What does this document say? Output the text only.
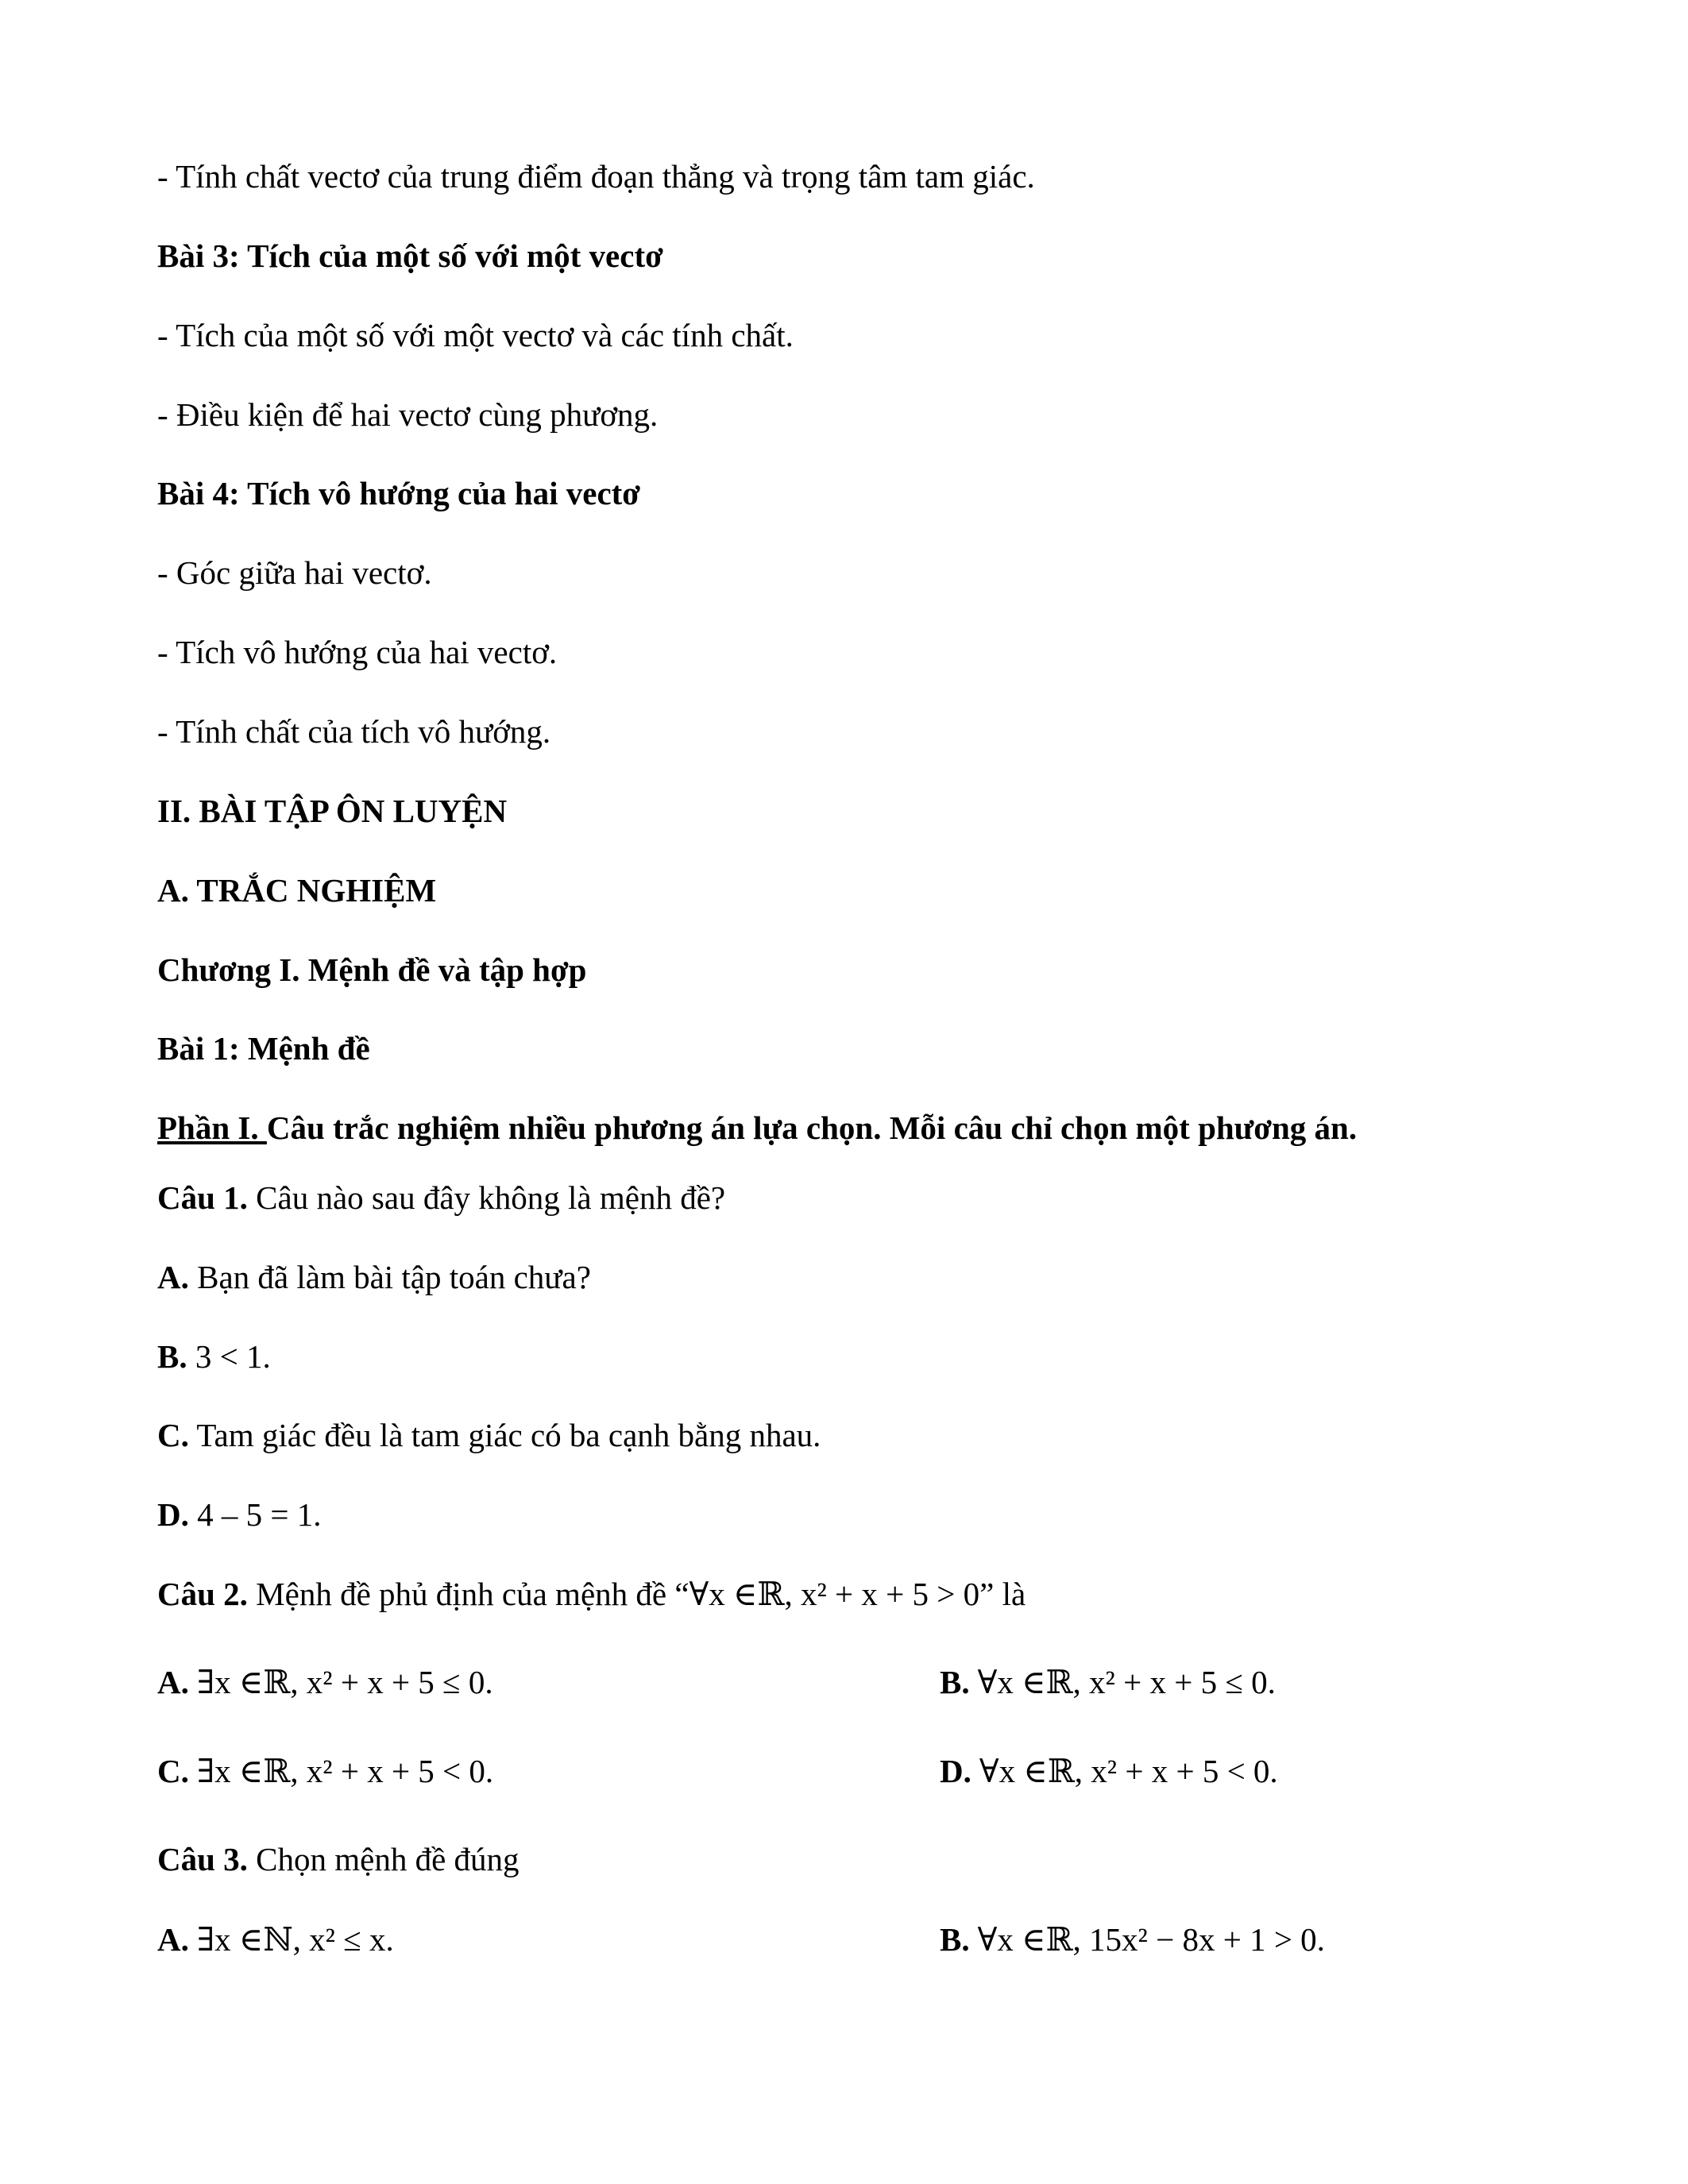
- Tính chất vectơ của trung điểm đoạn thẳng và trọng tâm tam giác.
Bài 3: Tích của một số với một vectơ
- Tích của một số với một vectơ và các tính chất.
- Điều kiện để hai vectơ cùng phương.
Bài 4: Tích vô hướng của hai vectơ
- Góc giữa hai vectơ.
- Tích vô hướng của hai vectơ.
- Tính chất của tích vô hướng.
II. BÀI TẬP ÔN LUYỆN
A. TRẮC NGHIỆM
Chương I. Mệnh đề và tập hợp
Bài 1: Mệnh đề
Phần I. Câu trắc nghiệm nhiều phương án lựa chọn. Mỗi câu chỉ chọn một phương án.
Câu 1. Câu nào sau đây không là mệnh đề?
A. Bạn đã làm bài tập toán chưa?
B. 3 < 1.
C. Tam giác đều là tam giác có ba cạnh bằng nhau.
D. 4 – 5 = 1.
Câu 2. Mệnh đề phủ định của mệnh đề “∀x ∈ℝ, x² + x + 5 > 0” là
A. ∃x ∈ℝ, x² + x + 5 ≤ 0.	B. ∀x ∈ℝ, x² + x + 5 ≤ 0.
C. ∃x ∈ℝ, x² + x + 5 < 0.	D. ∀x ∈ℝ, x² + x + 5 < 0.
Câu 3. Chọn mệnh đề đúng
A. ∃x ∈ℕ, x² ≤ x.	B. ∀x ∈ℝ, 15x² − 8x + 1 > 0.
